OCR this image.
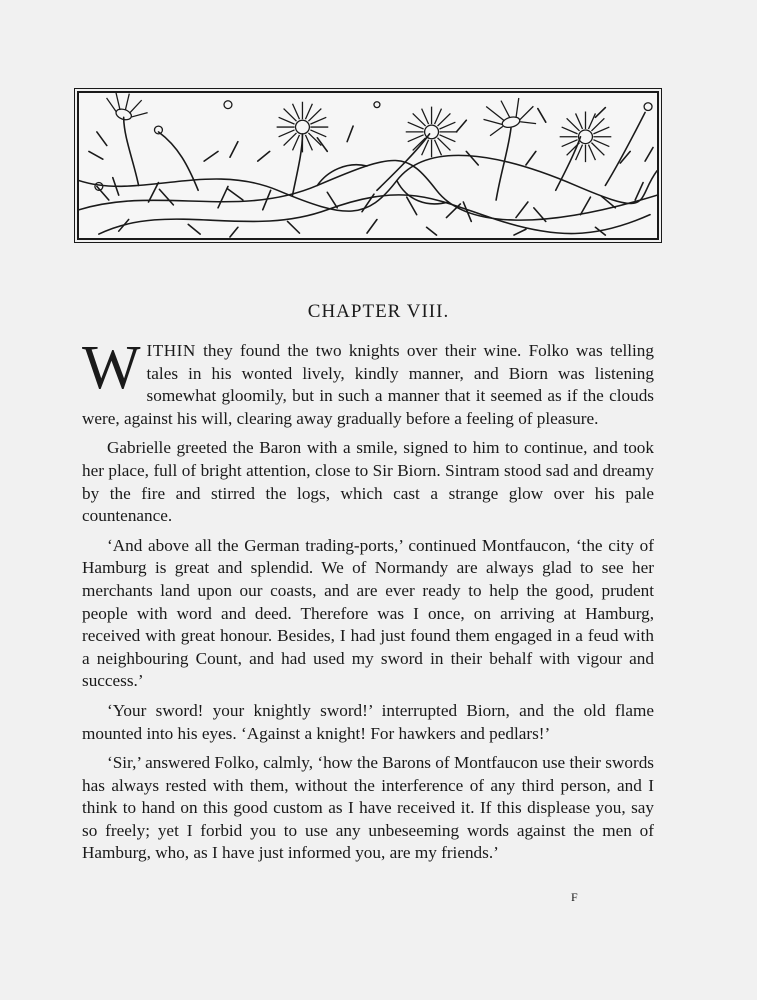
CHAPTER VIII.

WITHIN they found the two knights over their wine. Folko was telling tales in his wonted lively, kindly manner, and Biorn was listening somewhat gloomily, but in such a manner that it seemed as if the clouds were, against his will, clearing away gradually before a feeling of pleasure.

Gabrielle greeted the Baron with a smile, signed to him to continue, and took her place, full of bright attention, close to Sir Biorn. Sintram stood sad and dreamy by the fire and stirred the logs, which cast a strange glow over his pale countenance.

‘And above all the German trading-ports,’ continued Montfaucon, ‘the city of Hamburg is great and splendid. We of Normandy are always glad to see her merchants land upon our coasts, and are ever ready to help the good, prudent people with word and deed. Therefore was I once, on arriving at Hamburg, received with great honour. Besides, I had just found them engaged in a feud with a neighbouring Count, and had used my sword in their behalf with vigour and success.’

‘Your sword! your knightly sword!’ interrupted Biorn, and the old flame mounted into his eyes. ‘Against a knight! For hawkers and pedlars!’

‘Sir,’ answered Folko, calmly, ‘how the Barons of Montfaucon use their swords has always rested with them, without the interference of any third person, and I think to hand on this good custom as I have received it. If this displease you, say so freely; yet I forbid you to use any unbeseeming words against the men of Hamburg, who, as I have just informed you, are my friends.’

F
